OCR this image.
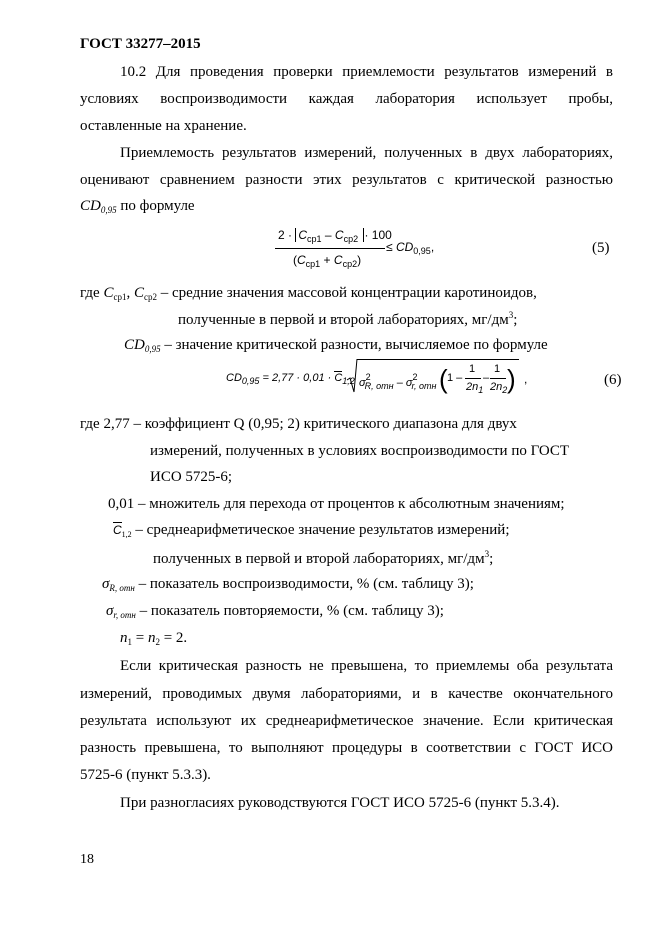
ГОСТ 33277–2015
10.2 Для проведения проверки приемлемости результатов измерений в
условиях воспроизводимости каждая лаборатория использует пробы,
оставленные на хранение.
Приемлемость результатов измерений, полученных в двух лабораториях,
оценивают сравнением разности этих результатов с критической разностью
$CD_{0,95}$ по формуле
$2 \cdot C_{ср1} - C_{ср2} \cdot 100$
$(C_{ср1} + C_{ср2})$
≤ $CD_{0,95}$,	(5)
где $C_{ср1}$, $C_{ср2}$ – средние значения массовой концентрации каротиноидов,
полученные в первой и второй лабораториях, $мг/дм^3$;
$CD_{0,95}$ – значение критической разности, вычисляемое по формуле
$CD_{0,95} = 2,77 \cdot 0,01 \cdot C_{1,2}$ $\sigma^2_{R, отн} - \sigma^2_{r, отн}$ ( 1 –
1
$2n_1$
–
1
$2n_2$ ) ,	(6)
где 2,77 – коэффициент Q (0,95; 2) критического диапазона для двух
измерений, полученных в условиях воспроизводимости по ГОСТ
ИСО 5725-6;
0,01 – множитель для перехода от процентов к абсолютным значениям;
$C_{1,2}$ – среднеарифметическое значение результатов измерений;
полученных в первой и второй лабораториях, $мг/дм^3$;
$\sigma_{R, отн}$ – показатель воспроизводимости, % (см. таблицу 3);
$\sigma_{r, отн}$ – показатель повторяемости, % (см. таблицу 3);
$n_1 = n_2 = 2$.
Если критическая разность не превышена, то приемлемы оба результата
измерений, проводимых двумя лабораториями, и в качестве окончательного
результата используют их среднеарифметическое значение. Если критическая
разность превышена, то выполняют процедуры в соответствии с ГОСТ ИСО
5725-6 (пункт 5.3.3).
При разногласиях руководствуются ГОСТ ИСО 5725-6 (пункт 5.3.4).
18
